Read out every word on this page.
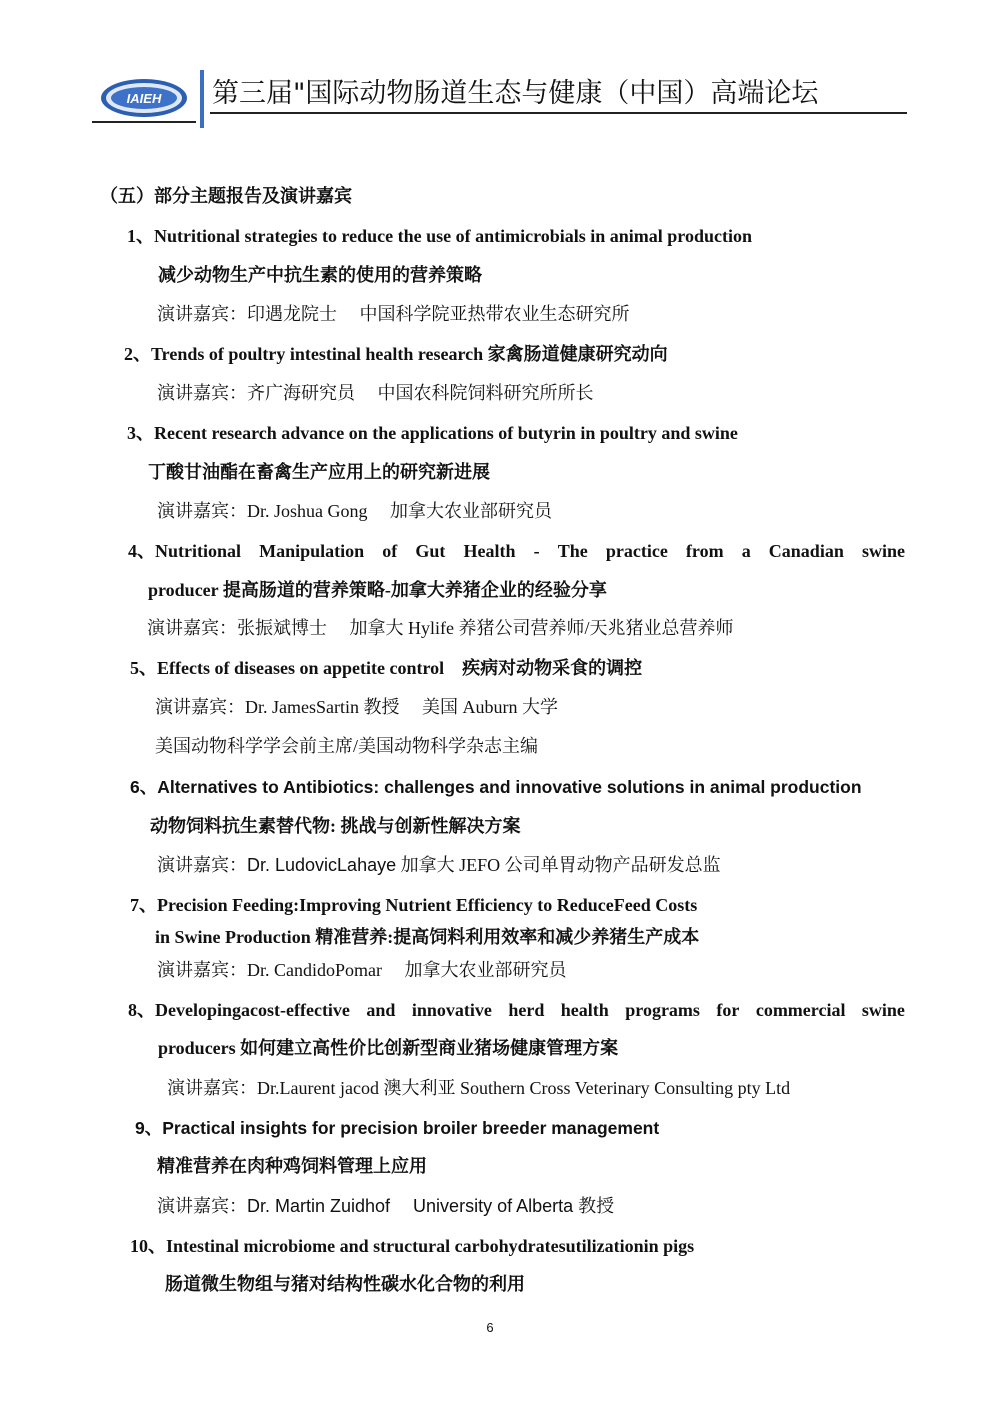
IAIEH 第三届"国际动物肠道生态与健康（中国）高端论坛
（五）部分主题报告及演讲嘉宾
1、Nutritional strategies to reduce the use of antimicrobials in animal production
减少动物生产中抗生素的使用的营养策略
演讲嘉宾：印遇龙院士　 中国科学院亚热带农业生态研究所
2、Trends of poultry intestinal health research 家禽肠道健康研究动向
演讲嘉宾：齐广海研究员　 中国农科院饲料研究所所长
3、Recent research advance on the applications of butyrin in poultry and swine
丁酸甘油酯在畜禽生产应用上的研究新进展
演讲嘉宾：Dr. Joshua Gong　 加拿大农业部研究员
4、Nutritional Manipulation of Gut Health - The practice from a Canadian swine
producer 提高肠道的营养策略-加拿大养猪企业的经验分享
演讲嘉宾：张振斌博士　 加拿大 Hylife 养猪公司营养师/天兆猪业总营养师
5、Effects of diseases on appetite control　疾病对动物采食的调控
演讲嘉宾：Dr. JamesSartin 教授　 美国 Auburn 大学
美国动物科学学会前主席/美国动物科学杂志主编
6、Alternatives to Antibiotics: challenges and innovative solutions in animal production
动物饲料抗生素替代物: 挑战与创新性解决方案
演讲嘉宾：Dr. LudovicLahaye 加拿大 JEFO 公司单胃动物产品研发总监
7、Precision Feeding:Improving Nutrient Efficiency to ReduceFeed Costs
in Swine Production 精准营养:提高饲料利用效率和减少养猪生产成本
演讲嘉宾：Dr. CandidoPomar　 加拿大农业部研究员
8、Developingacost-effective and innovative herd health programs for commercial swine
producers 如何建立高性价比创新型商业猪场健康管理方案
演讲嘉宾：Dr.Laurent jacod 澳大利亚 Southern Cross Veterinary Consulting pty Ltd
9、Practical insights for precision broiler breeder management
精准营养在肉种鸡饲料管理上应用
演讲嘉宾：Dr. Martin Zuidhof　 University of Alberta 教授
10、Intestinal microbiome and structural carbohydratesutilizationin pigs
肠道微生物组与猪对结构性碳水化合物的利用
6
